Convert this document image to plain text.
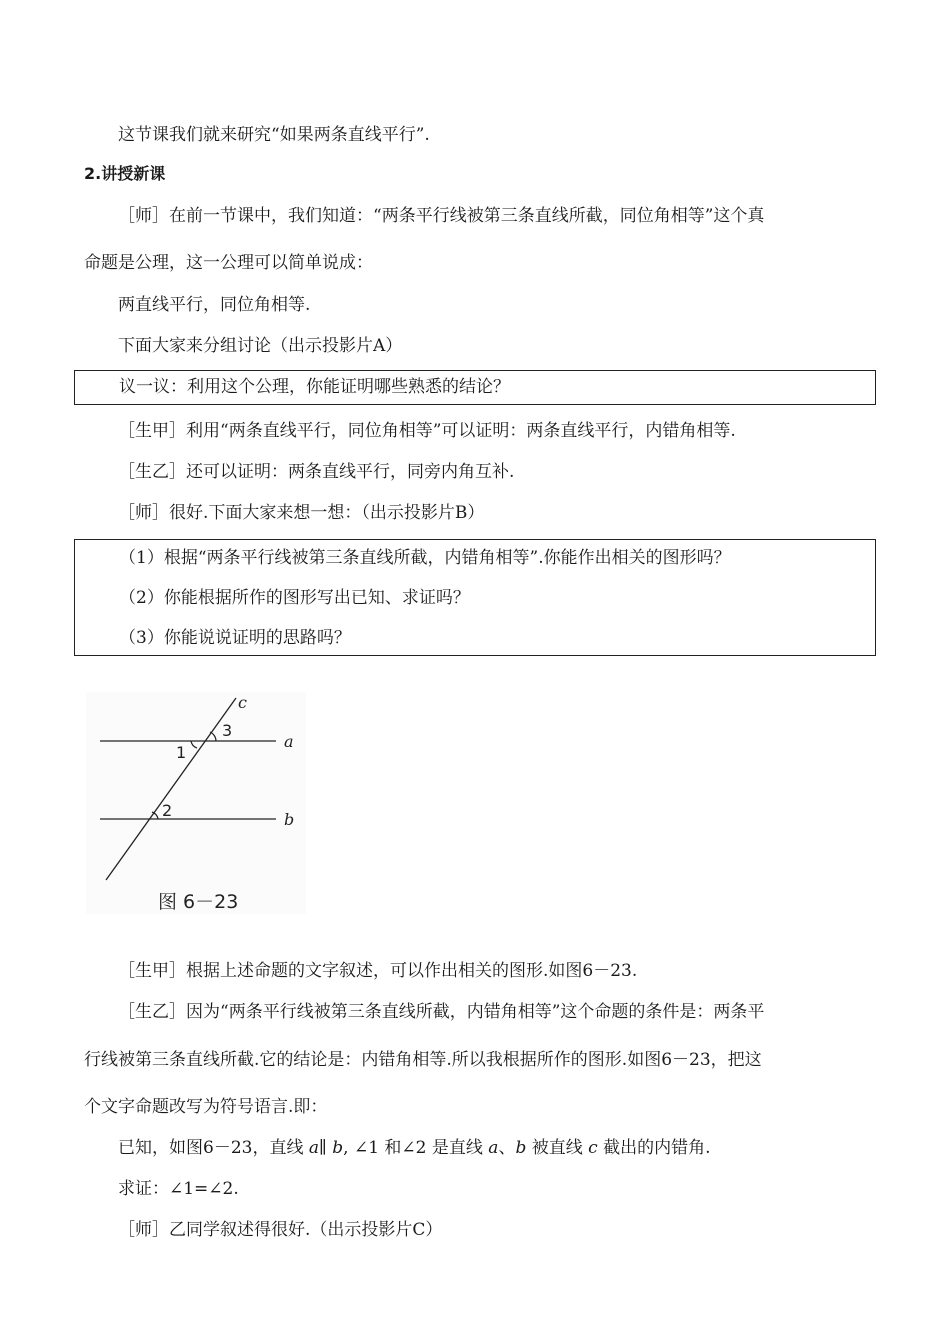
这节课我们就来研究“如果两条直线平行”.
2.讲授新课
［师］在前一节课中，我们知道：“两条平行线被第三条直线所截，同位角相等”这个真
命题是公理，这一公理可以简单说成：
两直线平行，同位角相等.
下面大家来分组讨论（出示投影片A）
议一议：利用这个公理，你能证明哪些熟悉的结论？
［生甲］利用“两条直线平行，同位角相等”可以证明：两条直线平行，内错角相等.
［生乙］还可以证明：两条直线平行，同旁内角互补.
［师］很好.下面大家来想一想：（出示投影片B）
（1）根据“两条平行线被第三条直线所截，内错角相等”.你能作出相关的图形吗？
（2）你能根据所作的图形写出已知、求证吗？
（3）你能说说证明的思路吗？
c
a
b
1
2
3
图 6－23
［生甲］根据上述命题的文字叙述，可以作出相关的图形.如图6－23.
［生乙］因为“两条平行线被第三条直线所截，内错角相等”这个命题的条件是：两条平
行线被第三条直线所截.它的结论是：内错角相等.所以我根据所作的图形.如图6－23，把这
个文字命题改写为符号语言.即：
已知，如图6－23，直线 a∥ b, ∠1 和∠2 是直线 a、b 被直线 c 截出的内错角.
求证：∠1=∠2.
［师］乙同学叙述得很好.（出示投影片C）
